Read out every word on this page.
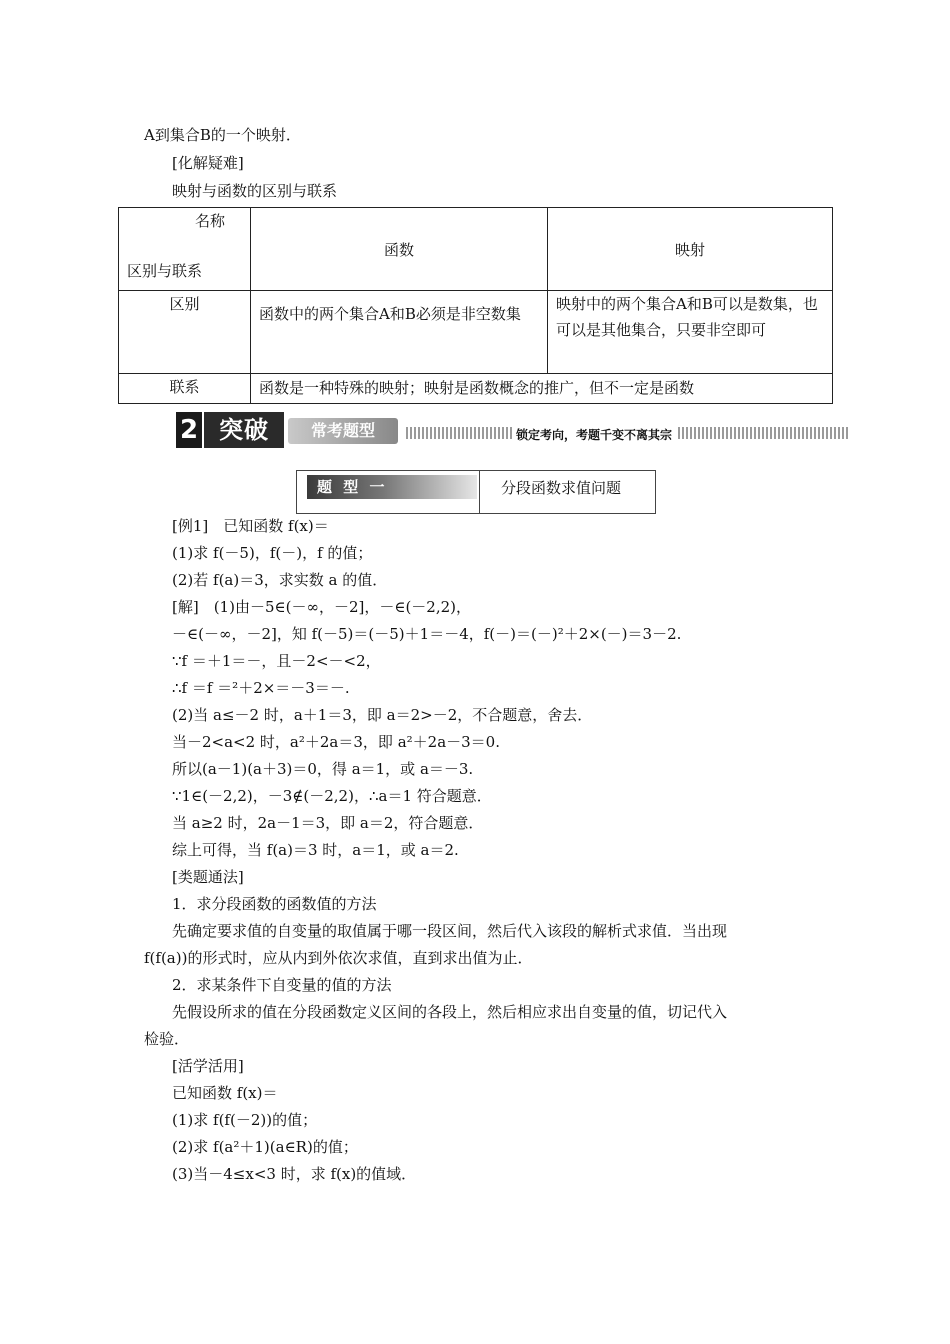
A到集合B的一个映射．
[化解疑难]
映射与函数的区别与联系
名称
区别与联系	函数	映射

区别	函数中的两个集合A和B必须是非空数集	映射中的两个集合A和B可以是数集，也可以是其他集合，只要非空即可

联系	函数是一种特殊的映射；映射是函数概念的推广，但不一定是函数	
2 突破	常考题型	锁定考向，考题千变不离其宗
题 型 一	分段函数求值问题
[例1]　已知函数 f(x)＝
(1)求 f(－5)，f(－)，f 的值；
(2)若 f(a)＝3，求实数 a 的值．
[解]　(1)由－5∈(－∞，－2]，－∈(－2,2)，
－∈(－∞，－2]，知 f(－5)＝(－5)＋1＝－4，f(－)＝(－)²＋2×(－)＝3－2.
∵f ＝＋1＝－，且－2<－<2，
∴f ＝f ＝²＋2×＝－3＝－.
(2)当 a≤－2 时，a＋1＝3，即 a＝2>－2，不合题意，舍去．
当－2<a<2 时，a²＋2a＝3，即 a²＋2a－3＝0.
所以(a－1)(a＋3)＝0，得 a＝1，或 a＝－3.
∵1∈(－2,2)，－3∉(－2,2)，∴a＝1 符合题意．
当 a≥2 时，2a－1＝3，即 a＝2，符合题意．
综上可得，当 f(a)＝3 时，a＝1，或 a＝2.
[类题通法]
1．求分段函数的函数值的方法
先确定要求值的自变量的取值属于哪一段区间，然后代入该段的解析式求值．当出现
f(f(a))的形式时，应从内到外依次求值，直到求出值为止．
2．求某条件下自变量的值的方法
先假设所求的值在分段函数定义区间的各段上，然后相应求出自变量的值，切记代入
检验．
[活学活用]
已知函数 f(x)＝
(1)求 f(f(－2))的值；
(2)求 f(a²＋1)(a∈R)的值；
(3)当－4≤x<3 时，求 f(x)的值域．
